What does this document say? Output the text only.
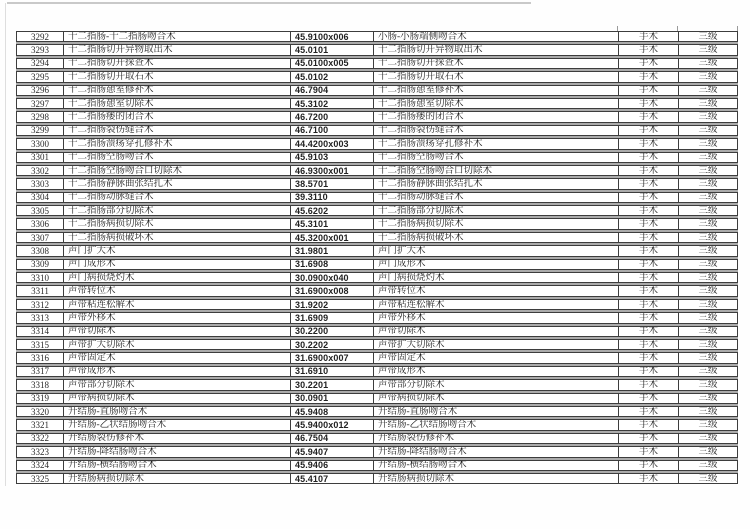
3292	十二指肠-十二指肠吻合术	45.9100x006	小肠-小肠端侧吻合术	手术	三级
3293	十二指肠切开异物取出术	45.0101	十二指肠切开异物取出术	手术	三级
3294	十二指肠切开探查术	45.0100x005	十二指肠切开探查术	手术	三级
3295	十二指肠切开取石术	45.0102	十二指肠切开取石术	手术	三级
3296	十二指肠憩室修补术	46.7904	十二指肠憩室修补术	手术	三级
3297	十二指肠憩室切除术	45.3102	十二指肠憩室切除术	手术	三级
3298	十二指肠瘘的闭合术	46.7200	十二指肠瘘的闭合术	手术	三级
3299	十二指肠裂伤缝合术	46.7100	十二指肠裂伤缝合术	手术	三级
3300	十二指肠溃疡穿孔修补术	44.4200x003	十二指肠溃疡穿孔修补术	手术	三级
3301	十二指肠空肠吻合术	45.9103	十二指肠空肠吻合术	手术	三级
3302	十二指肠空肠吻合口切除术	46.9300x001	十二指肠空肠吻合口切除术	手术	三级
3303	十二指肠静脉曲张结扎术	38.5701	十二指肠静脉曲张结扎术	手术	三级
3304	十二指肠动脉缝合术	39.3110	十二指肠动脉缝合术	手术	三级
3305	十二指肠部分切除术	45.6202	十二指肠部分切除术	手术	三级
3306	十二指肠病损切除术	45.3101	十二指肠病损切除术	手术	三级
3307	十二指肠病损破坏术	45.3200x001	十二指肠病损破坏术	手术	三级
3308	声门扩大术	31.9801	声门扩大术	手术	三级
3309	声门成形术	31.6908	声门成形术	手术	三级
3310	声门病损烧灼术	30.0900x040	声门病损烧灼术	手术	三级
3311	声带转位术	31.6900x008	声带转位术	手术	三级
3312	声带粘连松解术	31.9202	声带粘连松解术	手术	三级
3313	声带外移术	31.6909	声带外移术	手术	三级
3314	声带切除术	30.2200	声带切除术	手术	三级
3315	声带扩大切除术	30.2202	声带扩大切除术	手术	三级
3316	声带固定术	31.6900x007	声带固定术	手术	三级
3317	声带成形术	31.6910	声带成形术	手术	三级
3318	声带部分切除术	30.2201	声带部分切除术	手术	三级
3319	声带病损切除术	30.0901	声带病损切除术	手术	三级
3320	升结肠-直肠吻合术	45.9408	升结肠-直肠吻合术	手术	三级
3321	升结肠-乙状结肠吻合术	45.9400x012	升结肠-乙状结肠吻合术	手术	三级
3322	升结肠裂伤修补术	46.7504	升结肠裂伤修补术	手术	三级
3323	升结肠-降结肠吻合术	45.9407	升结肠-降结肠吻合术	手术	三级
3324	升结肠-横结肠吻合术	45.9406	升结肠-横结肠吻合术	手术	三级
3325	升结肠病损切除术	45.4107	升结肠病损切除术	手术	三级
